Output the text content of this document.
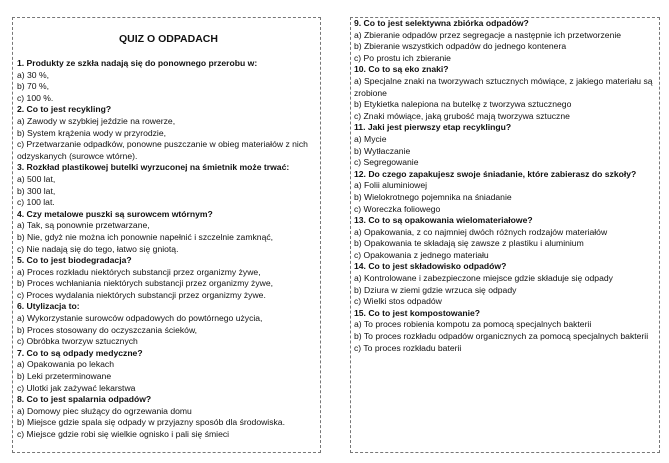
QUIZ O ODPADACH
1. Produkty ze szkła nadają się do ponownego przerobu w:
a) 30 %,
b) 70 %,
c) 100 %.
2. Co to jest recykling?
a) Zawody w szybkiej jeździe na rowerze,
b) System krążenia wody w przyrodzie,
c) Przetwarzanie odpadków, ponowne puszczanie w obieg materiałów z nich odzyskanych (surowce wtórne).
3. Rozkład plastikowej butelki wyrzuconej na śmietnik może trwać:
a) 500 lat,
b) 300 lat,
c) 100 lat.
4. Czy metalowe puszki są surowcem wtórnym?
a) Tak, są ponownie przetwarzane,
b) Nie, gdyż nie można ich ponownie napełnić i szczelnie zamknąć,
c) Nie nadają się do tego, łatwo się gniotą.
5. Co to jest biodegradacja?
a) Proces rozkładu niektórych substancji przez organizmy żywe,
b) Proces wchłaniania niektórych substancji przez organizmy żywe,
c) Proces wydalania niektórych substancji przez organizmy żywe.
6. Utylizacja to:
a) Wykorzystanie surowców odpadowych do powtórnego użycia,
b) Proces stosowany do oczyszczania ścieków,
c) Obróbka tworzyw sztucznych
7. Co to są odpady medyczne?
a) Opakowania po lekach
b) Leki przeterminowane
c) Ulotki jak zażywać lekarstwa
8. Co to jest spalarnia odpadów?
a) Domowy piec służący do ogrzewania domu
b) Miejsce gdzie spala się odpady w przyjazny sposób dla środowiska.
c) Miejsce gdzie robi się wielkie ognisko i pali się śmieci
9. Co to jest selektywna zbiórka odpadów?
a) Zbieranie odpadów przez segregacje a następnie ich przetworzenie
b) Zbieranie wszystkich odpadów do jednego kontenera
c) Po prostu ich zbieranie
10. Co to są eko znaki?
a) Specjalne znaki na tworzywach sztucznych mówiące, z jakiego materiału są zrobione
b) Etykietka nalepiona na butelkę z tworzywa sztucznego
c) Znaki mówiące, jaką grubość mają tworzywa sztuczne
11. Jaki jest pierwszy etap recyklingu?
a) Mycie
b) Wytłaczanie
c) Segregowanie
12. Do czego zapakujesz swoje śniadanie, które zabierasz do szkoły?
a) Folii aluminiowej
b) Wielokrotnego pojemnika na śniadanie
c) Woreczka foliowego
13. Co to są opakowania wielomateriałowe?
a) Opakowania, z co najmniej dwóch różnych rodzajów materiałów
b) Opakowania te składają się zawsze z plastiku i aluminium
c) Opakowania z jednego materiału
14. Co to jest składowisko odpadów?
a) Kontrolowane i zabezpieczone miejsce gdzie składuje się odpady
b) Dziura w ziemi gdzie wrzuca się odpady
c) Wielki stos odpadów
15. Co to jest kompostowanie?
a) To proces robienia kompotu za pomocą specjalnych bakterii
b) To proces rozkładu odpadów organicznych za pomocą specjalnych bakterii
c) To proces rozkładu baterii
